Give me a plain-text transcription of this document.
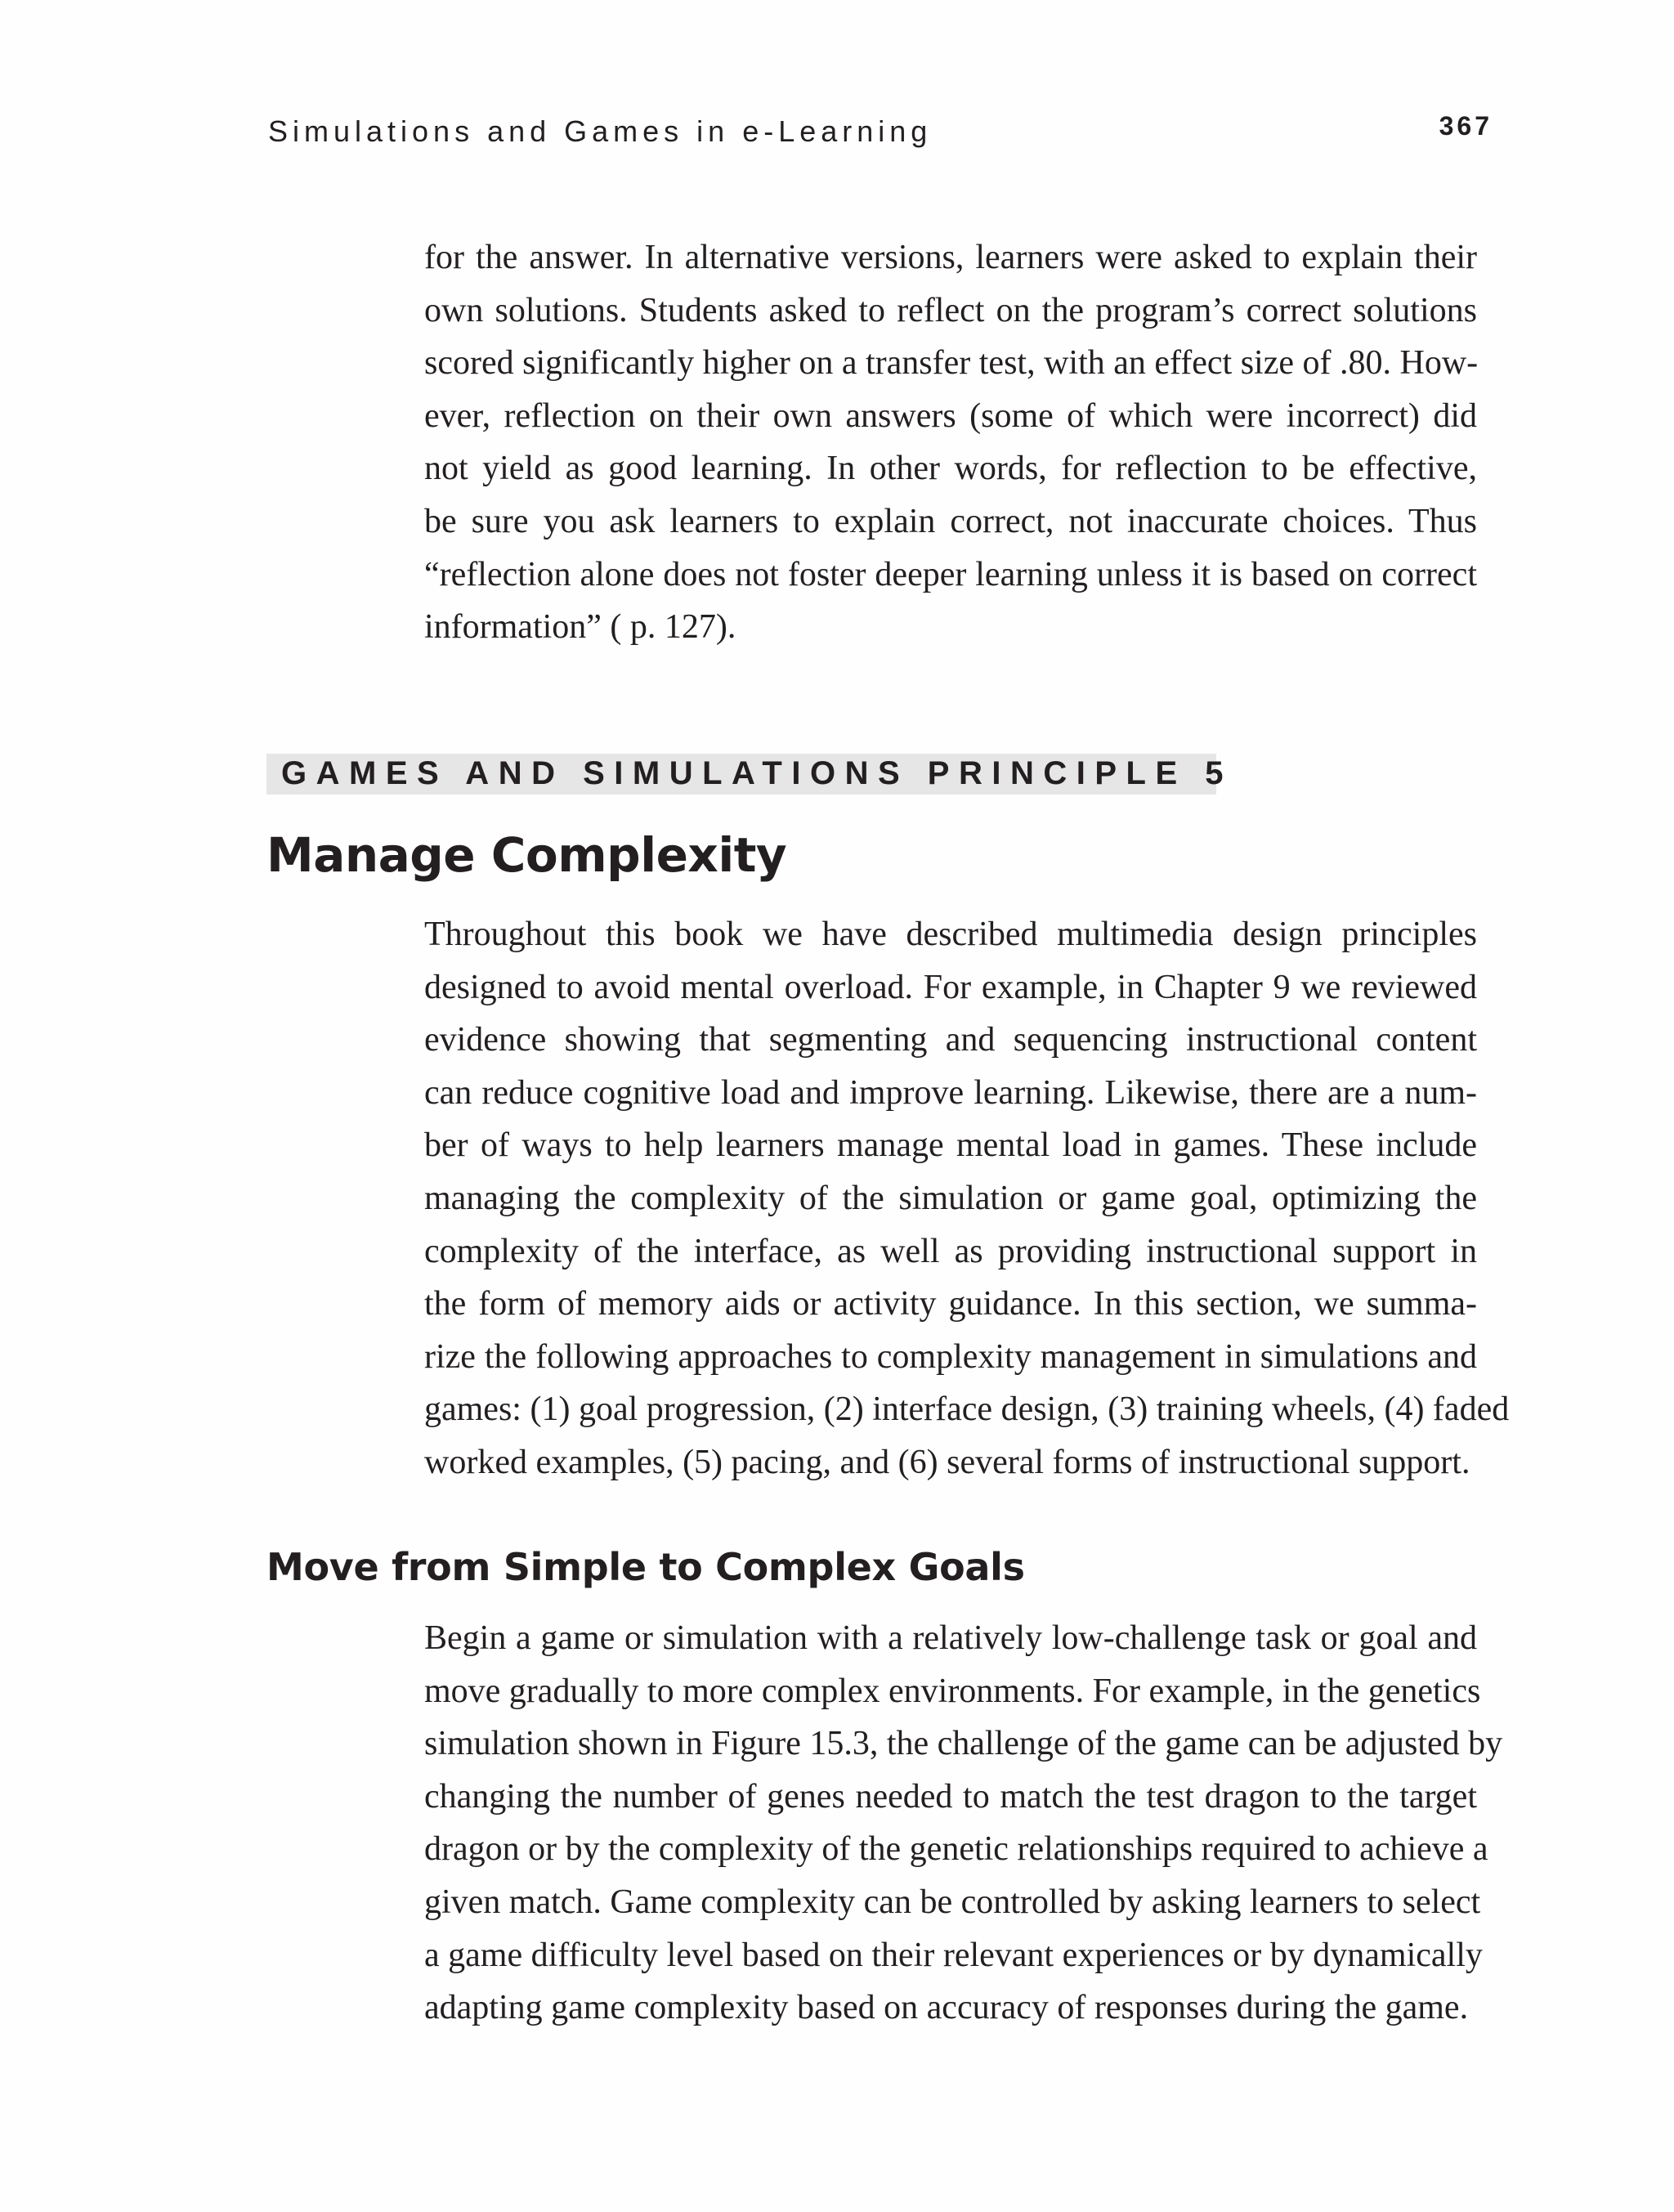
Simulations and Games in e-Learning	367
for the answer. In alternative versions, learners were asked to explain their
own solutions. Students asked to reflect on the program’s correct solutions
scored significantly higher on a transfer test, with an effect size of .80. How-
ever, reflection on their own answers (some of which were incorrect) did
not yield as good learning. In other words, for reflection to be effective,
be sure you ask learners to explain correct, not inaccurate choices. Thus
“reflection alone does not foster deeper learning unless it is based on correct
information” ( p. 127).
GAMES AND SIMULATIONS PRINCIPLE 5
Manage Complexity
Throughout this book we have described multimedia design principles
designed to avoid mental overload. For example, in Chapter 9 we reviewed
evidence showing that segmenting and sequencing instructional content
can reduce cognitive load and improve learning. Likewise, there are a num-
ber of ways to help learners manage mental load in games. These include
managing the complexity of the simulation or game goal, optimizing the
complexity of the interface, as well as providing instructional support in
the form of memory aids or activity guidance. In this section, we summa-
rize the following approaches to complexity management in simulations and
games: (1) goal progression, (2) interface design, (3) training wheels, (4) faded
worked examples, (5) pacing, and (6) several forms of instructional support.
Move from Simple to Complex Goals
Begin a game or simulation with a relatively low-challenge task or goal and
move gradually to more complex environments. For example, in the genetics
simulation shown in Figure 15.3, the challenge of the game can be adjusted by
changing the number of genes needed to match the test dragon to the target
dragon or by the complexity of the genetic relationships required to achieve a
given match. Game complexity can be controlled by asking learners to select
a game difficulty level based on their relevant experiences or by dynamically
adapting game complexity based on accuracy of responses during the game.
